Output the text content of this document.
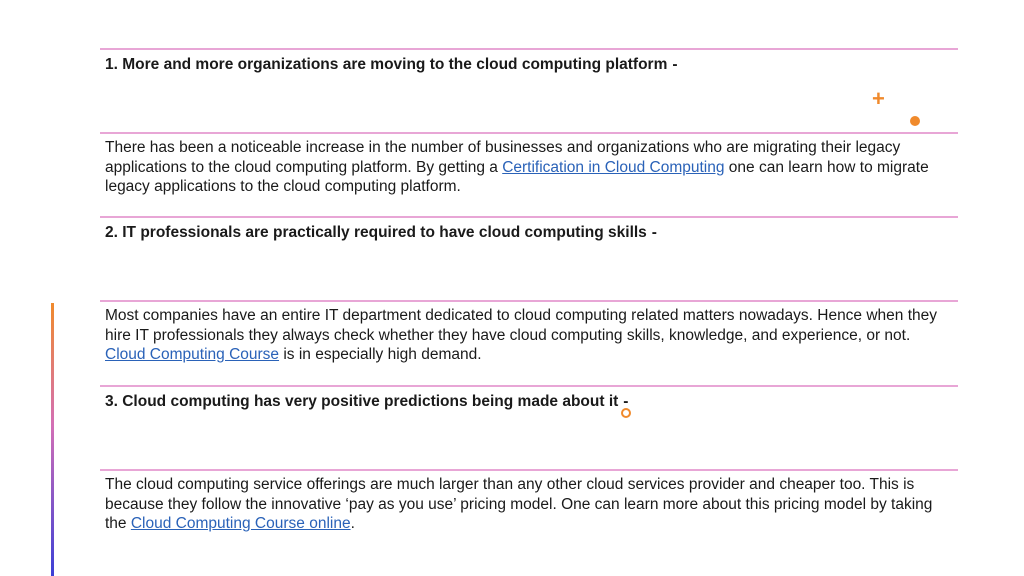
1. More and more organizations are moving to the cloud computing platform -
There has been a noticeable increase in the number of businesses and organizations who are migrating their legacy applications to the cloud computing platform. By getting a Certification in Cloud Computing one can learn how to migrate legacy applications to the cloud computing platform.
2. IT professionals are practically required to have cloud computing skills -
Most companies have an entire IT department dedicated to cloud computing related matters nowadays. Hence when they hire IT professionals they always check whether they have cloud computing skills, knowledge, and experience, or not. Cloud Computing Course is in especially high demand.
3. Cloud computing has very positive predictions being made about it -
The cloud computing service offerings are much larger than any other cloud services provider and cheaper too. This is because they follow the innovative ‘pay as you use’ pricing model. One can learn more about this pricing model by taking the Cloud Computing Course online.
+
